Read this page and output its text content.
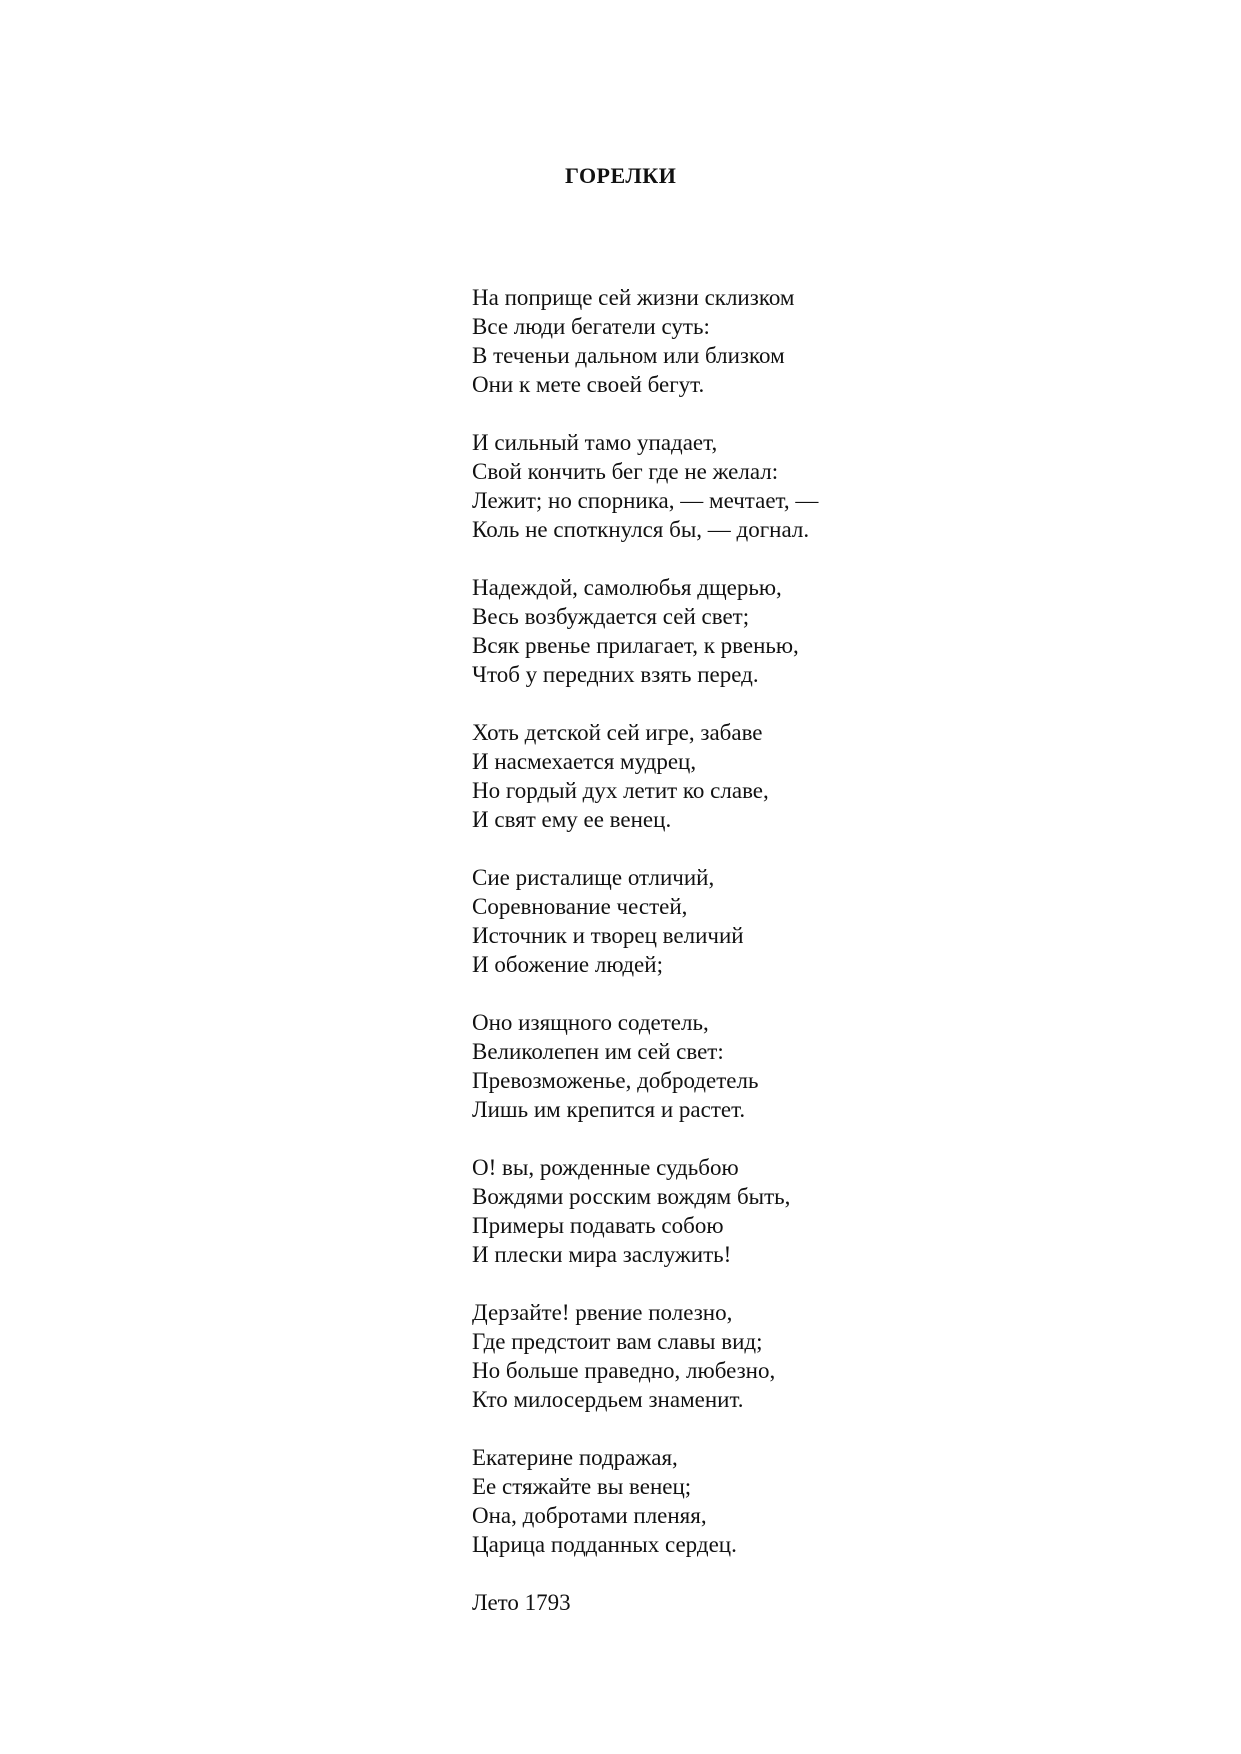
ГОРЕЛКИ
На поприще сей жизни склизком
Все люди бегатели суть:
В теченьи дальном или близком
Они к мете своей бегут.
И сильный тамо упадает,
Свой кончить бег где не желал:
Лежит; но спорника, — мечтает, —
Коль не споткнулся бы, — догнал.
Надеждой, самолюбья дщерью,
Весь возбуждается сей свет;
Всяк рвенье прилагает, к рвенью,
Чтоб у передних взять перед.
Хоть детской сей игре, забаве
И насмехается мудрец,
Но гордый дух летит ко славе,
И свят ему ее венец.
Сие ристалище отличий,
Соревнование честей,
Источник и творец величий
И обожение людей;
Оно изящного содетель,
Великолепен им сей свет:
Превозможенье, добродетель
Лишь им крепится и растет.
О! вы, рожденные судьбою
Вождями росским вождям быть,
Примеры подавать собою
И плески мира заслужить!
Дерзайте! рвение полезно,
Где предстоит вам славы вид;
Но больше праведно, любезно,
Кто милосердьем знаменит.
Екатерине подражая,
Ее стяжайте вы венец;
Она, добротами пленяя,
Царица подданных сердец.
Лето 1793
